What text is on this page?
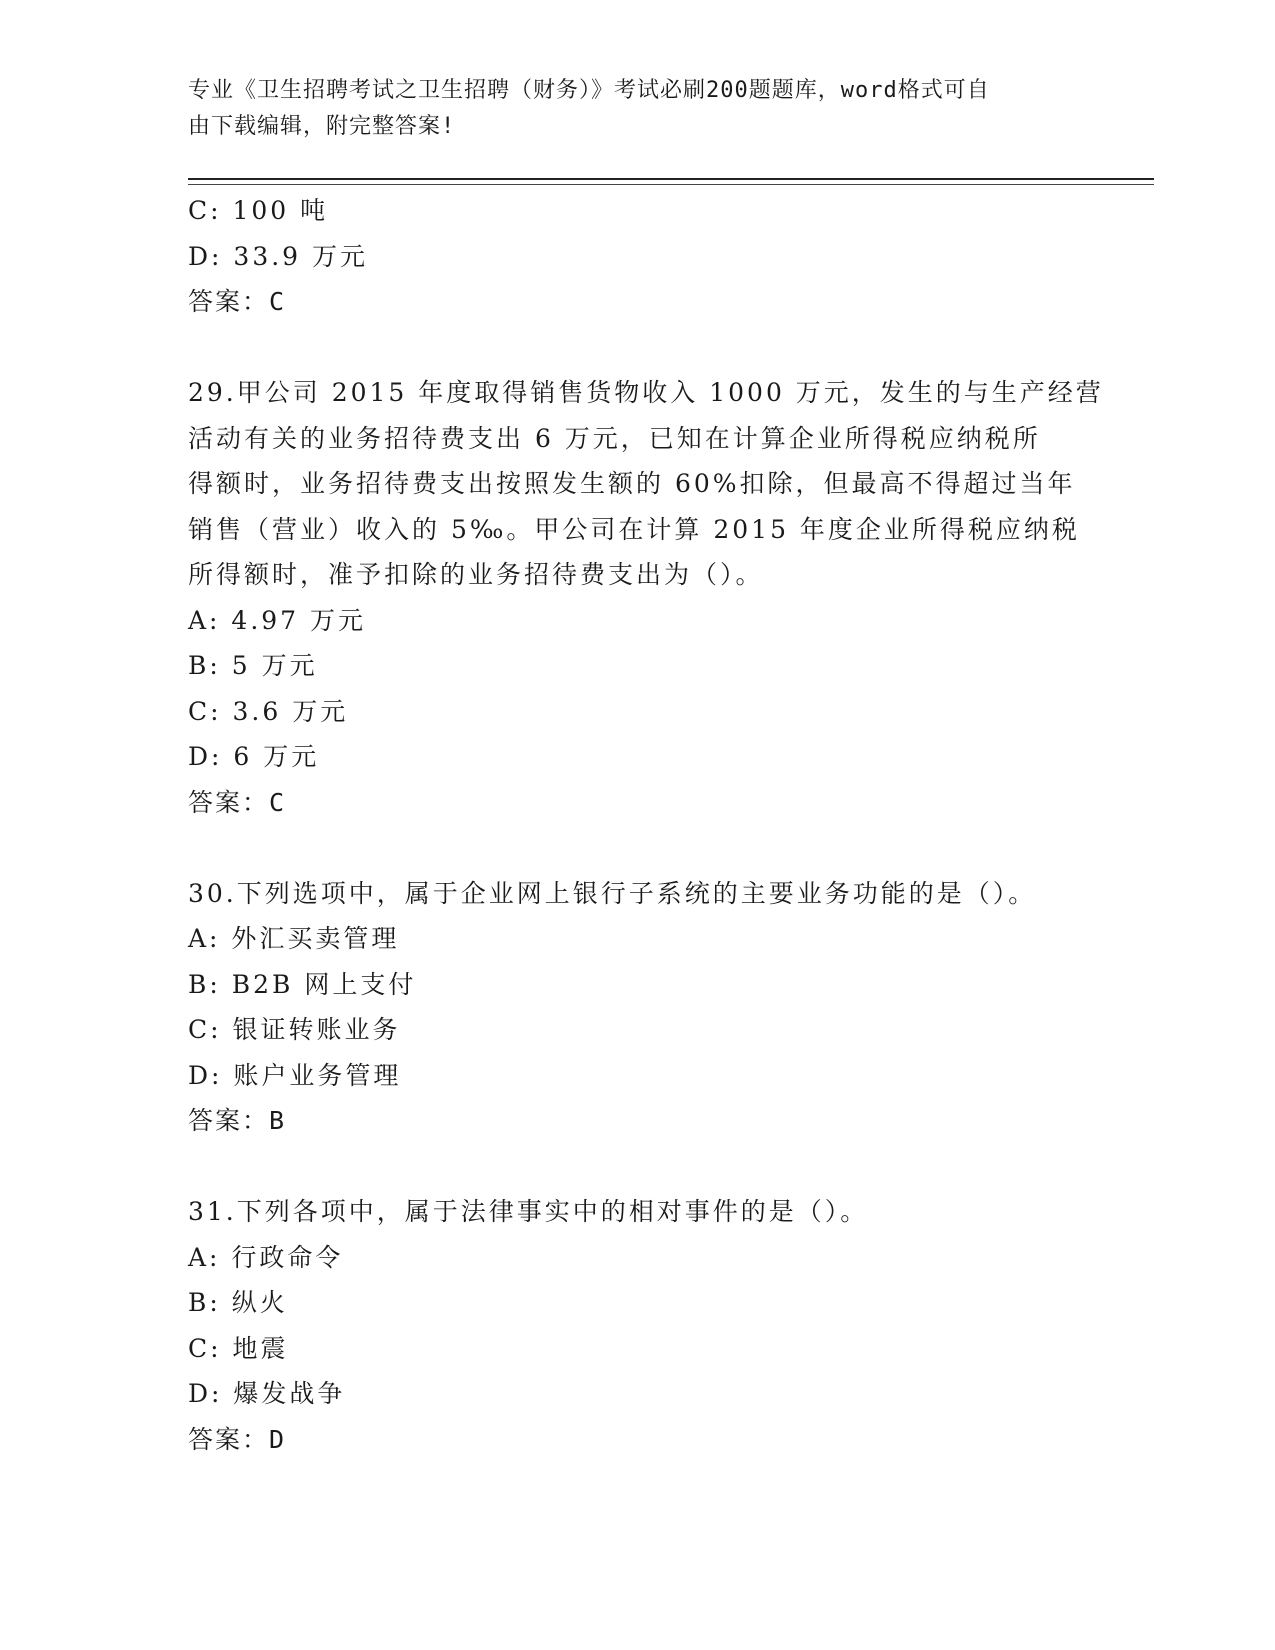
专业《卫生招聘考试之卫生招聘（财务）》考试必刷200题题库，word格式可自
由下载编辑，附完整答案!
C: 100 吨
D: 33.9 万元
答案：C
29.甲公司 2015 年度取得销售货物收入 1000 万元，发生的与生产经营
活动有关的业务招待费支出 6 万元，已知在计算企业所得税应纳税所
得额时，业务招待费支出按照发生额的 60%扣除，但最高不得超过当年
销售（营业）收入的 5‰。甲公司在计算 2015 年度企业所得税应纳税
所得额时，准予扣除的业务招待费支出为（）。
A: 4.97 万元
B: 5 万元
C: 3.6 万元
D: 6 万元
答案：C
30.下列选项中，属于企业网上银行子系统的主要业务功能的是（）。
A: 外汇买卖管理
B: B2B 网上支付
C: 银证转账业务
D: 账户业务管理
答案：B
31.下列各项中，属于法律事实中的相对事件的是（）。
A: 行政命令
B: 纵火
C: 地震
D: 爆发战争
答案：D
